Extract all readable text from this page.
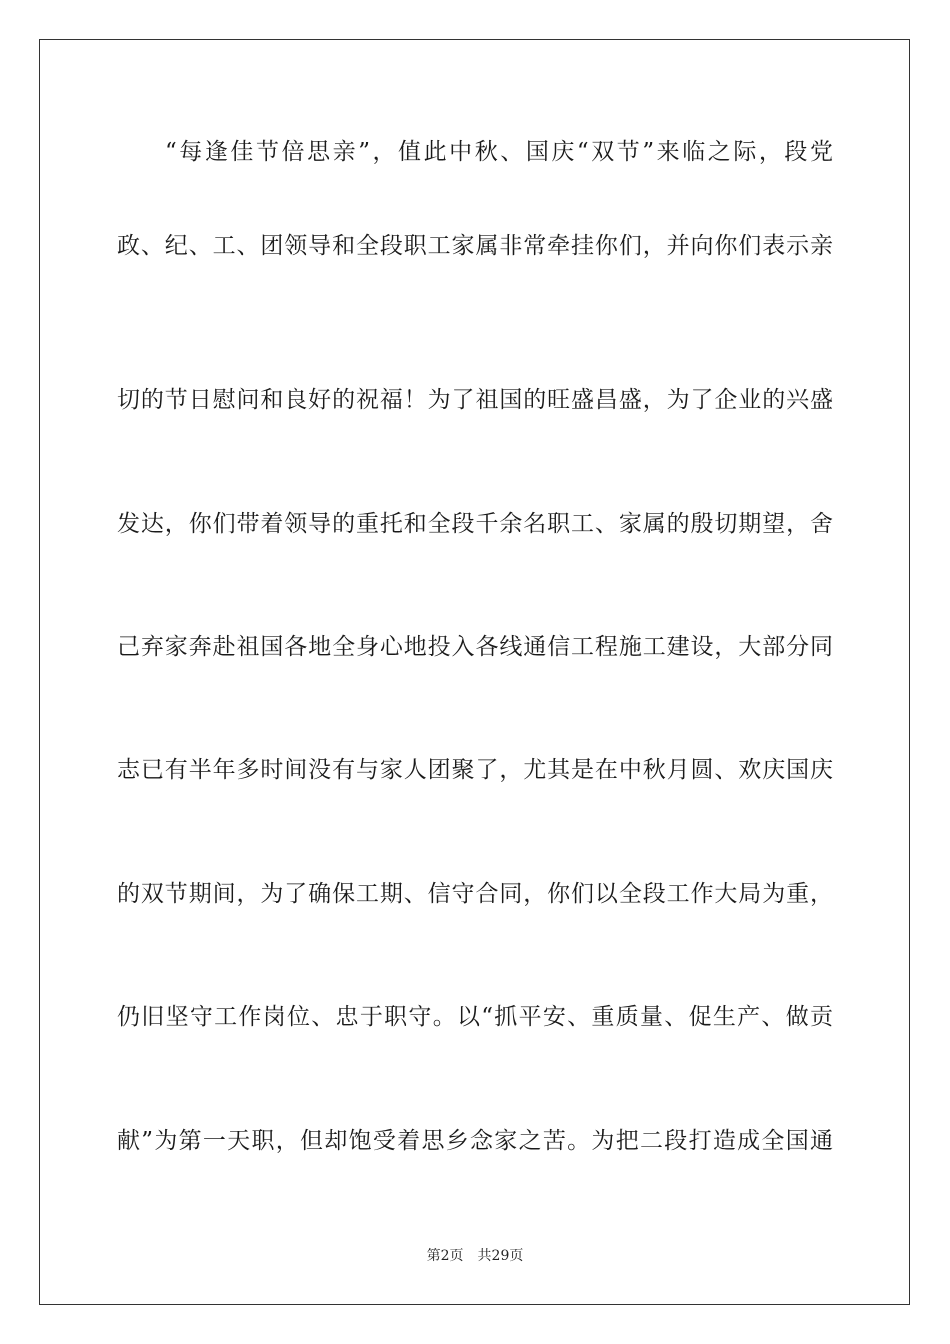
“每逢佳节倍思亲”，值此中秋、国庆“双节”来临之际，段党
政、纪、工、团领导和全段职工家属非常牵挂你们，并向你们表示亲
切的节日慰问和良好的祝福！为了祖国的旺盛昌盛，为了企业的兴盛
发达，你们带着领导的重托和全段千余名职工、家属的殷切期望，舍
己弃家奔赴祖国各地全身心地投入各线通信工程施工建设，大部分同
志已有半年多时间没有与家人团聚了，尤其是在中秋月圆、欢庆国庆
的双节期间，为了确保工期、信守合同，你们以全段工作大局为重，
仍旧坚守工作岗位、忠于职守。以“抓平安、重质量、促生产、做贡
献”为第一天职，但却饱受着思乡念家之苦。为把二段打造成全国通
第2页 共29页
